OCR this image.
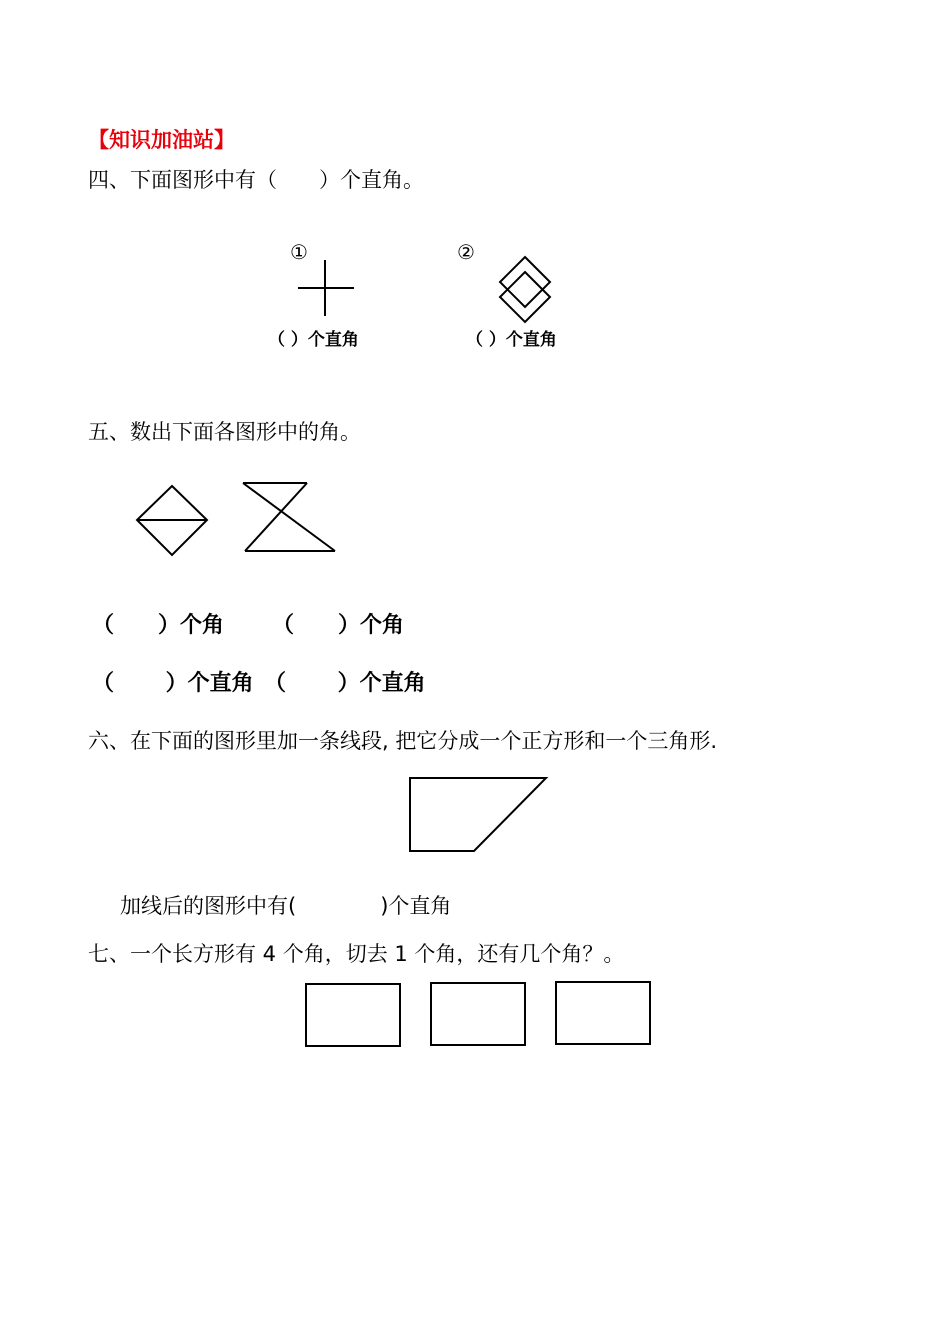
【知识加油站】
四、下面图形中有（　　）个直角。
①	②
（ ）个直角	（ ）个直角
五、数出下面各图形中的角。
（　　）个角 （　　）个角
（　　 ）个直角 （　　 ）个直角
六、在下面的图形里加一条线段, 把它分成一个正方形和一个三角形.
加线后的图形中有(　　　　)个直角
七、一个长方形有 4 个角，切去 1 个角，还有几个角？。
